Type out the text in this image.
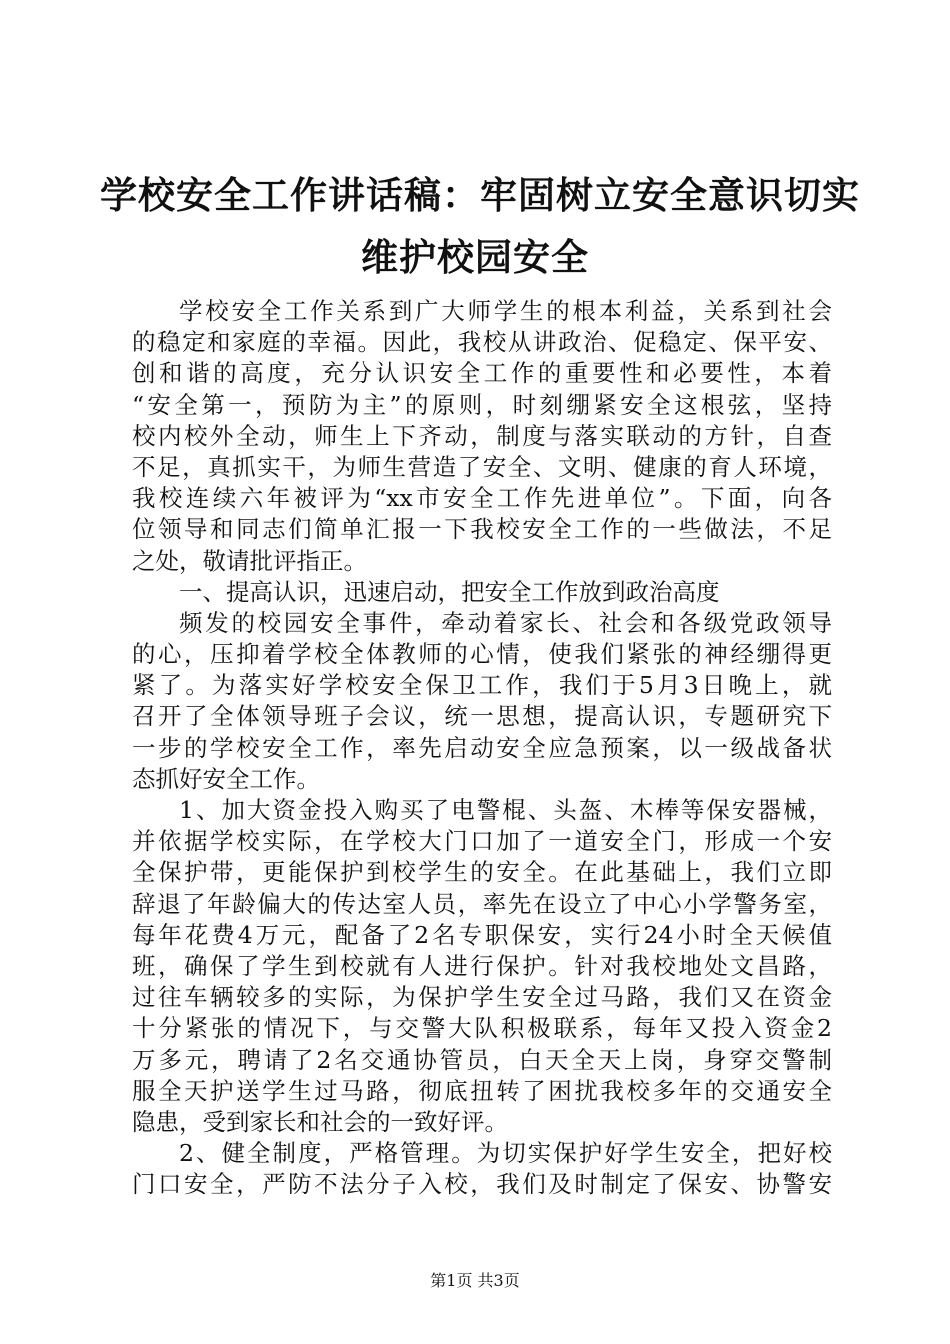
学校安全工作讲话稿：牢固树立安全意识切实
维护校园安全
学校安全工作关系到广大师学生的根本利益，关系到社会
的稳定和家庭的幸福。因此，我校从讲政治、促稳定、保平安、
创和谐的高度，充分认识安全工作的重要性和必要性，本着
“安全第一，预防为主”的原则，时刻绷紧安全这根弦，坚持
校内校外全动，师生上下齐动，制度与落实联动的方针，自查
不足，真抓实干，为师生营造了安全、文明、健康的育人环境，
我校连续六年被评为“xx市安全工作先进单位”。下面，向各
位领导和同志们简单汇报一下我校安全工作的一些做法，不足
之处，敬请批评指正。
一、提高认识，迅速启动，把安全工作放到政治高度
频发的校园安全事件，牵动着家长、社会和各级党政领导
的心，压抑着学校全体教师的心情，使我们紧张的神经绷得更
紧了。为落实好学校安全保卫工作，我们于5月3日晚上，就
召开了全体领导班子会议，统一思想，提高认识，专题研究下
一步的学校安全工作，率先启动安全应急预案，以一级战备状
态抓好安全工作。
1、加大资金投入购买了电警棍、头盔、木棒等保安器械，
并依据学校实际，在学校大门口加了一道安全门，形成一个安
全保护带，更能保护到校学生的安全。在此基础上，我们立即
辞退了年龄偏大的传达室人员，率先在设立了中心小学警务室，
每年花费4万元，配备了2名专职保安，实行24小时全天候值
班，确保了学生到校就有人进行保护。针对我校地处文昌路，
过往车辆较多的实际，为保护学生安全过马路，我们又在资金
十分紧张的情况下，与交警大队积极联系，每年又投入资金2
万多元，聘请了2名交通协管员，白天全天上岗，身穿交警制
服全天护送学生过马路，彻底扭转了困扰我校多年的交通安全
隐患，受到家长和社会的一致好评。
2、健全制度，严格管理。为切实保护好学生安全，把好校
门口安全，严防不法分子入校，我们及时制定了保安、协警安
第1页 共3页
